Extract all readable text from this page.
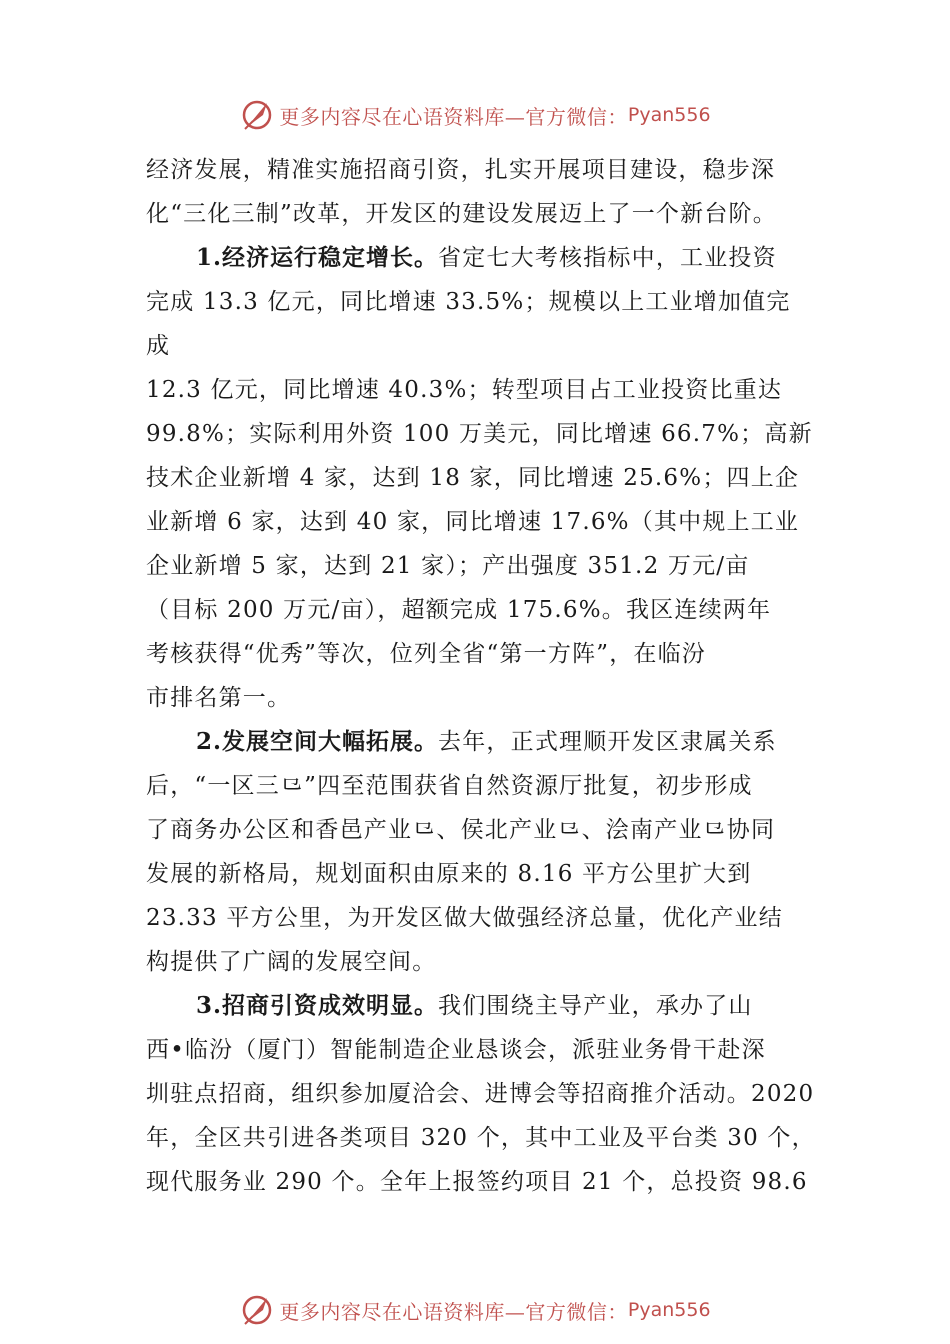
更多内容尽在心语资料库—官方微信： Pyan556
经济发展，精准实施招商引资，扎实开展项目建设，稳步深
化“三化三制”改革，开发区的建设发展迈上了一个新台阶。
1.经济运行稳定增长。省定七大考核指标中，工业投资
完成 13.3 亿元，同比增速 33.5%；规模以上工业增加值完
成
12.3 亿元，同比增速 40.3%；转型项目占工业投资比重达
99.8%；实际利用外资 100 万美元，同比增速 66.7%；高新
技术企业新增 4 家，达到 18 家，同比增速 25.6%；四上企
业新增 6 家，达到 40 家，同比增速 17.6%（其中规上工业
企业新增 5 家，达到 21 家）；产出强度 351.2 万元/亩
（目标 200 万元/亩），超额完成 175.6%。我区连续两年
考核获得“优秀”等次，位列全省“第一方阵”，在临汾
市排名第一。
2.发展空间大幅拓展。去年，正式理顺开发区隶属关系
后，“一区三⺋”四至范围获省自然资源厅批复，初步形成
了商务办公区和香邑产业⺋、侯北产业⺋、浍南产业⺋协同
发展的新格局，规划面积由原来的 8.16 平方公里扩大到
23.33 平方公里，为开发区做大做强经济总量，优化产业结
构提供了广阔的发展空间。
3.招商引资成效明显。我们围绕主导产业，承办了山
西•临汾（厦门）智能制造企业恳谈会，派驻业务骨干赴深
圳驻点招商，组织参加厦洽会、进博会等招商推介活动。2020
年，全区共引进各类项目 320 个，其中工业及平台类 30 个，
现代服务业 290 个。全年上报签约项目 21 个，总投资 98.6
更多内容尽在心语资料库—官方微信： Pyan556
